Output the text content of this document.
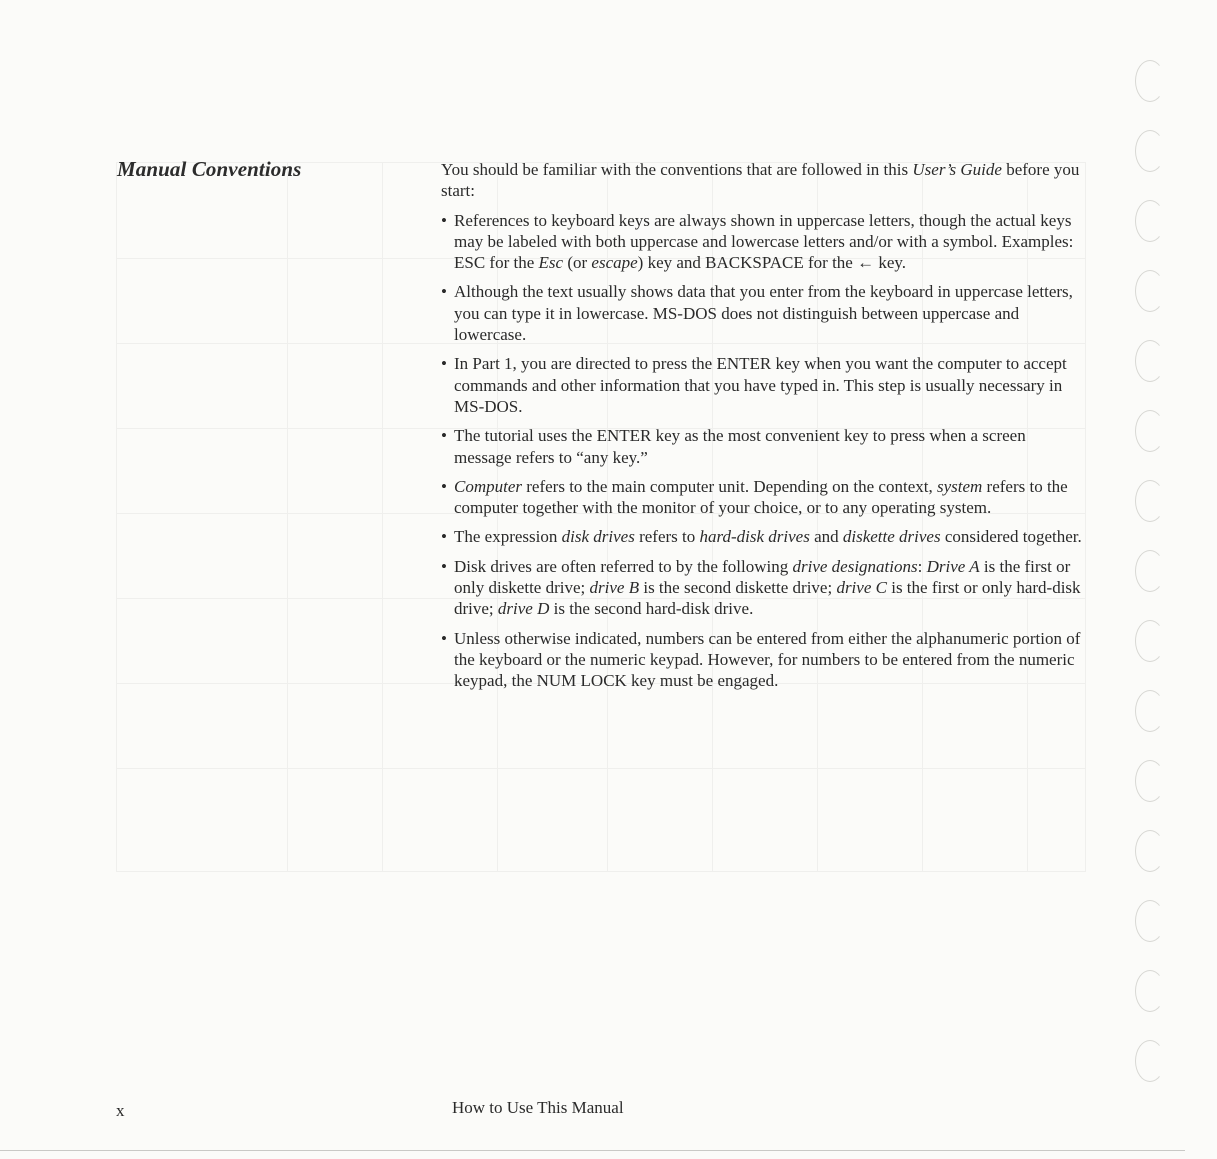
Manual Conventions	You should be familiar with the conventions that are followed in this User’s Guide before you start:

• References to keyboard keys are always shown in uppercase letters, though the actual keys may be labeled with both uppercase and lowercase letters and/or with a symbol. Examples: ESC for the Esc (or escape) key and BACKSPACE for the ← key.
• Although the text usually shows data that you enter from the keyboard in uppercase letters, you can type it in lowercase. MS-DOS does not distinguish between uppercase and lowercase.
• In Part 1, you are directed to press the ENTER key when you want the computer to accept commands and other information that you have typed in. This step is usually necessary in MS-DOS.
• The tutorial uses the ENTER key as the most convenient key to press when a screen message refers to “any key.”
• Computer refers to the main computer unit. Depending on the context, system refers to the computer together with the monitor of your choice, or to any operating system.
• The expression disk drives refers to hard-disk drives and diskette drives considered together.
• Disk drives are often referred to by the following drive designations: Drive A is the first or only diskette drive; drive B is the second diskette drive; drive C is the first or only hard-disk drive; drive D is the second hard-disk drive.
• Unless otherwise indicated, numbers can be entered from either the alphanumeric portion of the keyboard or the numeric keypad. However, for numbers to be entered from the numeric keypad, the NUM LOCK key must be engaged.
x	How to Use This Manual
